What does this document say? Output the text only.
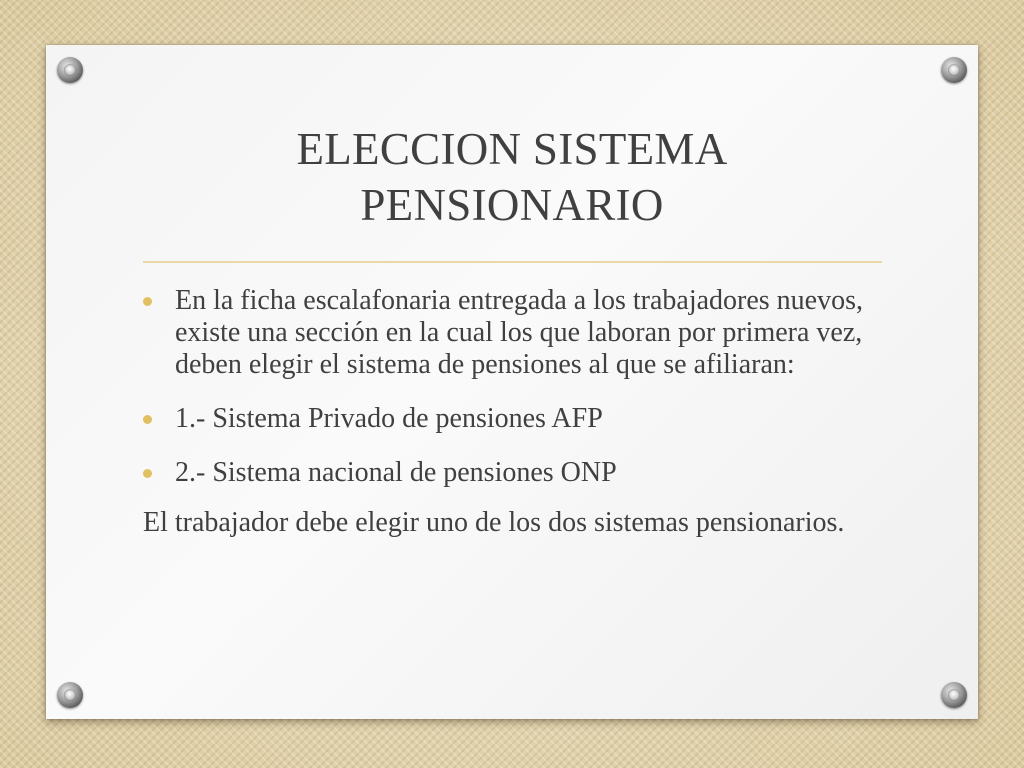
ELECCION SISTEMA
PENSIONARIO

En la ficha escalafonaria entregada a los trabajadores nuevos, existe una sección en la cual los que laboran por primera vez, deben elegir el sistema de pensiones al que se afiliaran:

1.- Sistema Privado de pensiones AFP

2.- Sistema nacional de pensiones ONP

El trabajador debe elegir uno de los dos sistemas pensionarios.
